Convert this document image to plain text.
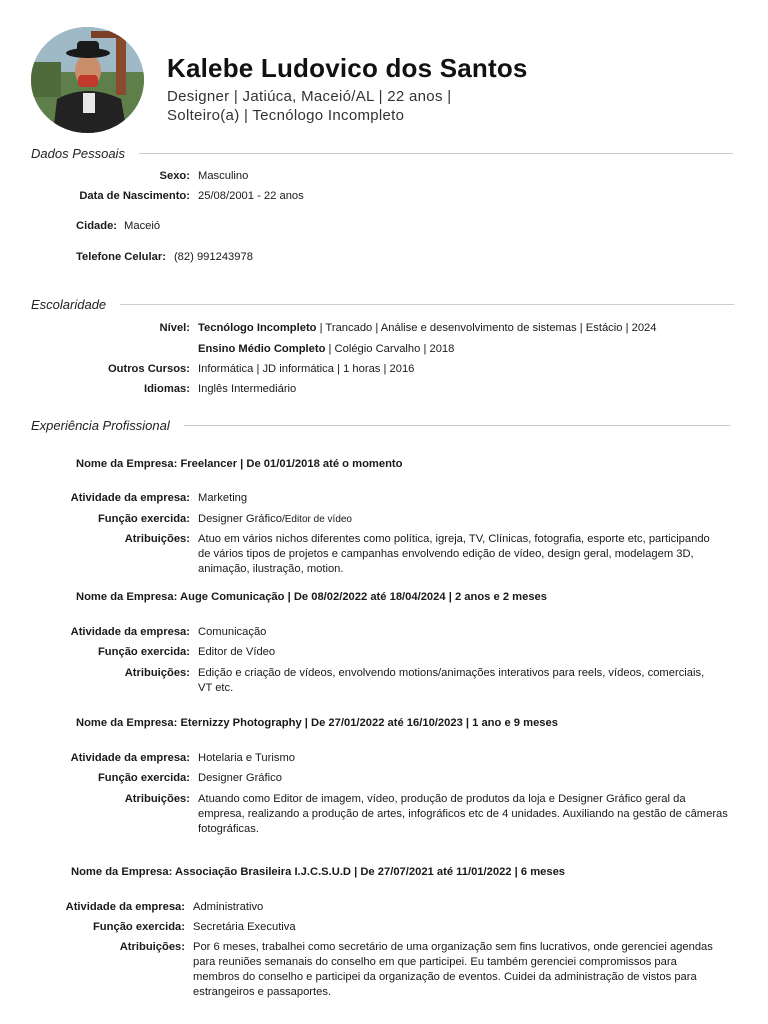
Kalebe Ludovico dos Santos
Designer | Jatiúca, Maceió/AL | 22 anos |
Solteiro(a) | Tecnólogo Incompleto
Dados Pessoais
Sexo: Masculino
Data de Nascimento: 25/08/2001 - 22 anos
Cidade: Maceió
Telefone Celular: (82) 991243978
Escolaridade
Nível: Tecnólogo Incompleto | Trancado | Análise e desenvolvimento de sistemas | Estácio | 2024
Ensino Médio Completo | Colégio Carvalho | 2018
Outros Cursos: Informática | JD informática | 1 horas | 2016
Idiomas: Inglês Intermediário
Experiência Profissional
Nome da Empresa: Freelancer | De 01/01/2018 até o momento
Atividade da empresa: Marketing
Função exercida: Designer Gráfico/Editor de vídeo
Atribuições: Atuo em vários nichos diferentes como política, igreja, TV, Clínicas, fotografia, esporte etc, participando de vários tipos de projetos e campanhas envolvendo edição de vídeo, design geral, modelagem 3D, animação, ilustração, motion.
Nome da Empresa: Auge Comunicação | De 08/02/2022 até 18/04/2024 | 2 anos e 2 meses
Atividade da empresa: Comunicação
Função exercida: Editor de Vídeo
Atribuições: Edição e criação de vídeos, envolvendo motions/animações interativos para reels, vídeos, comerciais, VT etc.
Nome da Empresa: Eternizzy Photography | De 27/01/2022 até 16/10/2023 | 1 ano e 9 meses
Atividade da empresa: Hotelaria e Turismo
Função exercida: Designer Gráfico
Atribuições: Atuando como Editor de imagem, vídeo, produção de produtos da loja e Designer Gráfico geral da empresa, realizando a produção de artes, infográficos etc de 4 unidades. Auxiliando na gestão de câmeras fotográficas.
Nome da Empresa: Associação Brasileira I.J.C.S.U.D | De 27/07/2021 até 11/01/2022 | 6 meses
Atividade da empresa: Administrativo
Função exercida: Secretária Executiva
Atribuições: Por 6 meses, trabalhei como secretário de uma organização sem fins lucrativos, onde gerenciei agendas para reuniões semanais do conselho em que participei. Eu também gerenciei compromissos para membros do conselho e participei da organização de eventos. Cuidei da administração de vistos para estrangeiros e passaportes.
